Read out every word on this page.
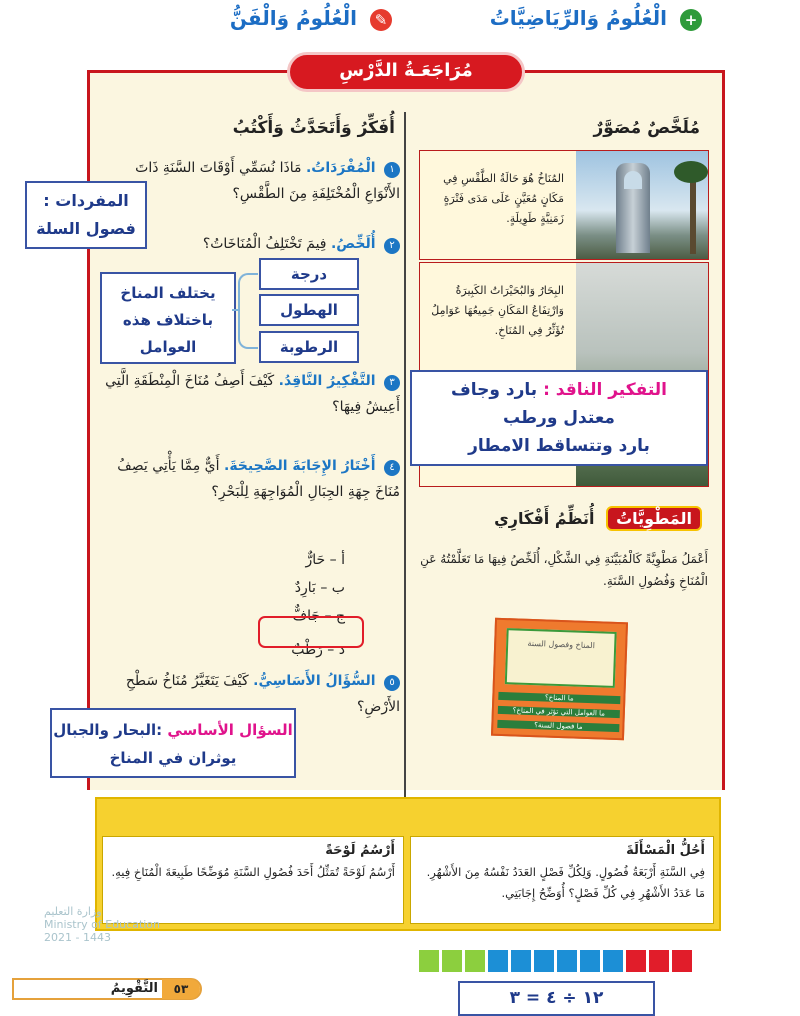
مُرَاجَعَـةُ الدَّرْسِ
مُلَخَّصٌ مُصَوَّرٌ
المُنَاخُ هُوَ حَالَةُ الطَّقْسِ فِي مَكَانٍ مُعَيَّنٍ عَلَى مَدَى فَتْرَةٍ زَمَنِيَّةٍ طَوِيلَةٍ.
البِحَارُ وَالبُحَيْرَاتُ الكَبِيرَةُ وَارْتِفَاعُ المَكَانِ جَمِيعُهَا عَوَامِلُ تُؤَثِّرُ فِي المُنَاخِ.
التفكير الناقد : بارد وجاف
معتدل ورطب
بارد وتتساقط الامطار
المَطْوِيَّاتُ أُنَظِّمُ أَفْكَارِي
أَعْمَلُ مَطْوِيَّةً كَالْمُبَيَّنَةِ فِي الشَّكْلِ، أُلَخِّصُ فِيهَا مَا تَعَلَّمْتُهُ عَنِ الْمُنَاخِ وَفُصُولِ السَّنَةِ.
المناخ وفصول السنة
ما المناخ؟
ما العوامل التي تؤثر في المناخ؟
ما فصول السنة؟
أُفَكِّرُ وَأَتَحَدَّثُ وَأَكْتُبُ
١ الْمُفْرَدَاتُ. مَاذَا نُسَمِّي أَوْقَاتَ السَّنَةِ ذَاتَ الأَنْوَاعِ الْمُخْتَلِفَةِ مِنَ الطَّقْسِ؟
٢ أُلَخِّصُ. فِيمَ تَخْتَلِفُ الْمُنَاخَاتُ؟
٣ التَّفْكِيرُ النَّاقِدُ. كَيْفَ أَصِفُ مُنَاخَ الْمِنْطَقَةِ الَّتِي أَعِيشُ فِيهَا؟
٤ أَخْتَارُ الإِجَابَةَ الصَّحِيحَةَ. أَيٌّ مِمَّا يَأْتِي يَصِفُ مُنَاخَ جِهَةِ الجِبَالِ الْمُوَاجِهَةِ لِلْبَحْرِ؟
أ – حَارٌّ
ب – بَارِدٌ
ج – جَافٌّ
د – رَطْبٌ
٥ السُّؤَالُ الأَسَاسِيُّ. كَيْفَ يَتَغَيَّرُ مُنَاخُ سَطْحِ الأَرْضِ؟
المفردات :
فصول السلة
يختلف المناخ
باختلاف هذه
العوامل
درجة
الهطول
الرطوبة
السؤال الأساسي :البحار والجبال
يوثران في المناخ
+ الْعُلُومُ وَالرِّيَاضِيَّاتُ
✎ الْعُلُومُ وَالْفَنُّ
أَحُلُّ الْمَسْأَلَةَ
فِي السَّنَةِ أَرْبَعَةُ فُصُولٍ. وَلِكُلِّ فَصْلٍ العَدَدُ نَفْسُهُ مِنَ الأَشْهُرِ. مَا عَدَدُ الأَشْهُرِ فِي كُلِّ فَصْلٍ؟ أُوَضِّحُ إِجَابَتِي.
أَرْسُمُ لَوْحَةً
أَرْسُمُ لَوْحَةً تُمَثِّلُ أَحَدَ فُصُولِ السَّنَةِ مُوَضِّحًا طَبِيعَةَ الْمُنَاخِ فِيهِ.
وزارة التعليم
Ministry of Education
2021 - 1443
التَّقْوِيمُ	٥٣	١٢ ÷ ٤ = ٣
